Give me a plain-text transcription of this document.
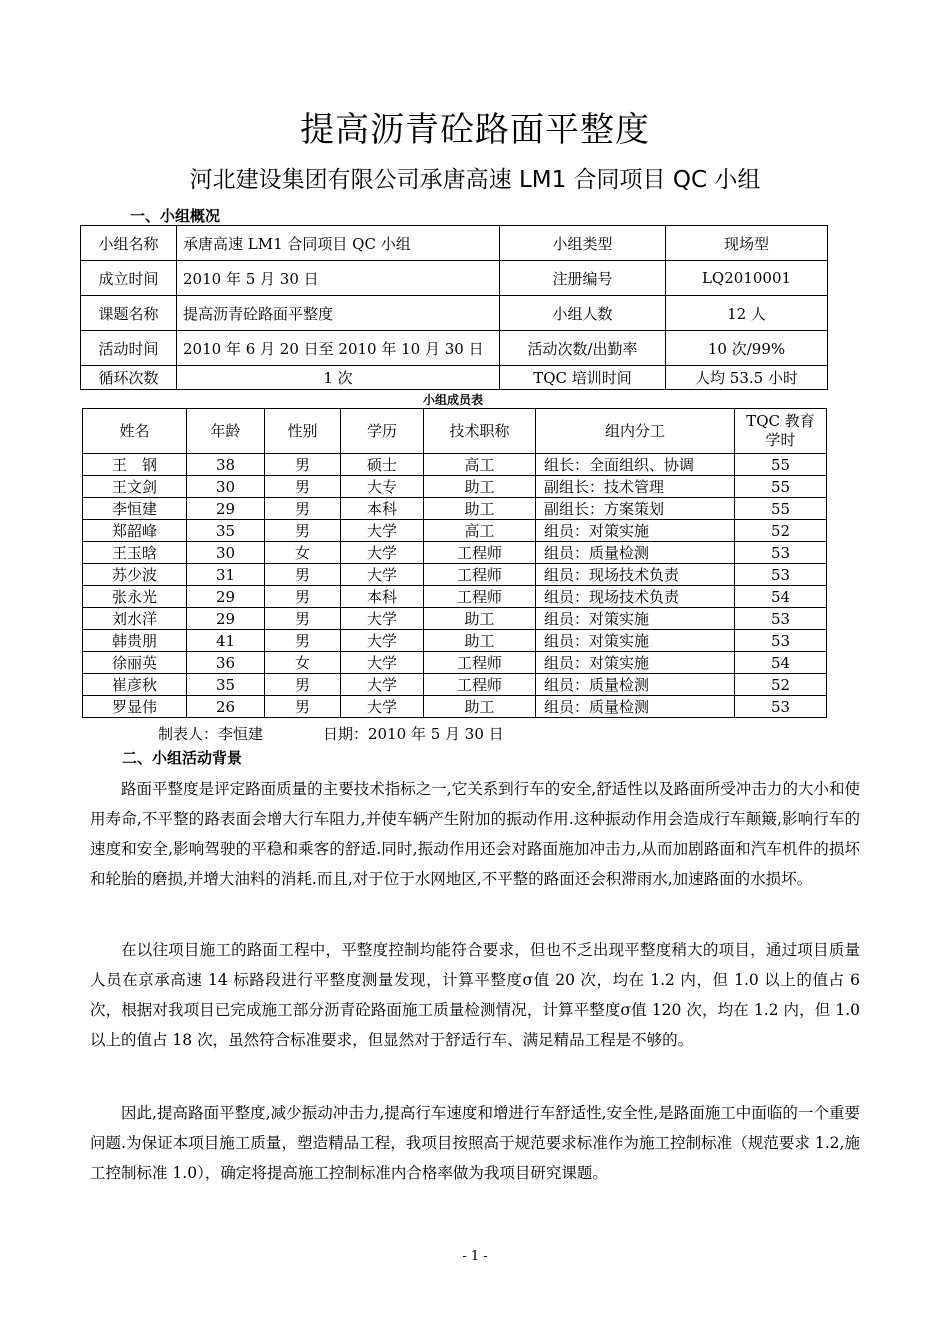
提高沥青砼路面平整度
河北建设集团有限公司承唐高速 LM1 合同项目 QC 小组
一、小组概况
小组名称	承唐高速 LM1 合同项目 QC 小组	小组类型	现场型
成立时间	2010 年 5 月 30 日	注册编号	LQ2010001
课题名称	提高沥青砼路面平整度	小组人数	12 人
活动时间	2010 年 6 月 20 日至 2010 年 10 月 30 日	活动次数/出勤率	10 次/99%
循环次数	1 次	TQC 培训时间	人均 53.5 小时
小组成员表
姓名	年龄	性别	学历	技术职称	组内分工	TQC 教育
学时

王　钢	38	男	硕士	高工	组长：全面组织、协调	55
王文剑	30	男	大专	助工	副组长：技术管理	55
李恒建	29	男	本科	助工	副组长：方案策划	55
郑韶峰	35	男	大学	高工	组员：对策实施	52
王玉晗	30	女	大学	工程师	组员：质量检测	53
苏少波	31	男	大学	工程师	组员：现场技术负责	53
张永光	29	男	本科	工程师	组员：现场技术负责	54
刘水洋	29	男	大学	助工	组员：对策实施	53
韩贵朋	41	男	大学	助工	组员：对策实施	53
徐丽英	36	女	大学	工程师	组员：对策实施	54
崔彦秋	35	男	大学	工程师	组员：质量检测	52
罗显伟	26	男	大学	助工	组员：质量检测	53
制表人：李恒建	日期：2010 年 5 月 30 日
二、小组活动背景
路面平整度是评定路面质量的主要技术指标之一,它关系到行车的安全,舒适性以及路面所受冲击力的大小和使用寿命,不平整的路表面会增大行车阻力,并使车辆产生附加的振动作用.这种振动作用会造成行车颠簸,影响行车的速度和安全,影响驾驶的平稳和乘客的舒适.同时,振动作用还会对路面施加冲击力,从而加剧路面和汽车机件的损坏和轮胎的磨损,并增大油料的消耗.而且,对于位于水网地区,不平整的路面还会积滞雨水,加速路面的水损坏。
在以往项目施工的路面工程中，平整度控制均能符合要求，但也不乏出现平整度稍大的项目，通过项目质量人员在京承高速 14 标路段进行平整度测量发现，计算平整度σ值 20 次，均在 1.2 内，但 1.0 以上的值占 6 次，根据对我项目已完成施工部分沥青砼路面施工质量检测情况，计算平整度σ值 120 次，均在 1.2 内，但 1.0 以上的值占 18 次，虽然符合标准要求，但显然对于舒适行车、满足精品工程是不够的。
因此,提高路面平整度,减少振动冲击力,提高行车速度和增进行车舒适性,安全性,是路面施工中面临的一个重要问题.为保证本项目施工质量，塑造精品工程，我项目按照高于规范要求标准作为施工控制标准（规范要求 1.2,施工控制标准 1.0），确定将提高施工控制标准内合格率做为我项目研究课题。
- 1 -
